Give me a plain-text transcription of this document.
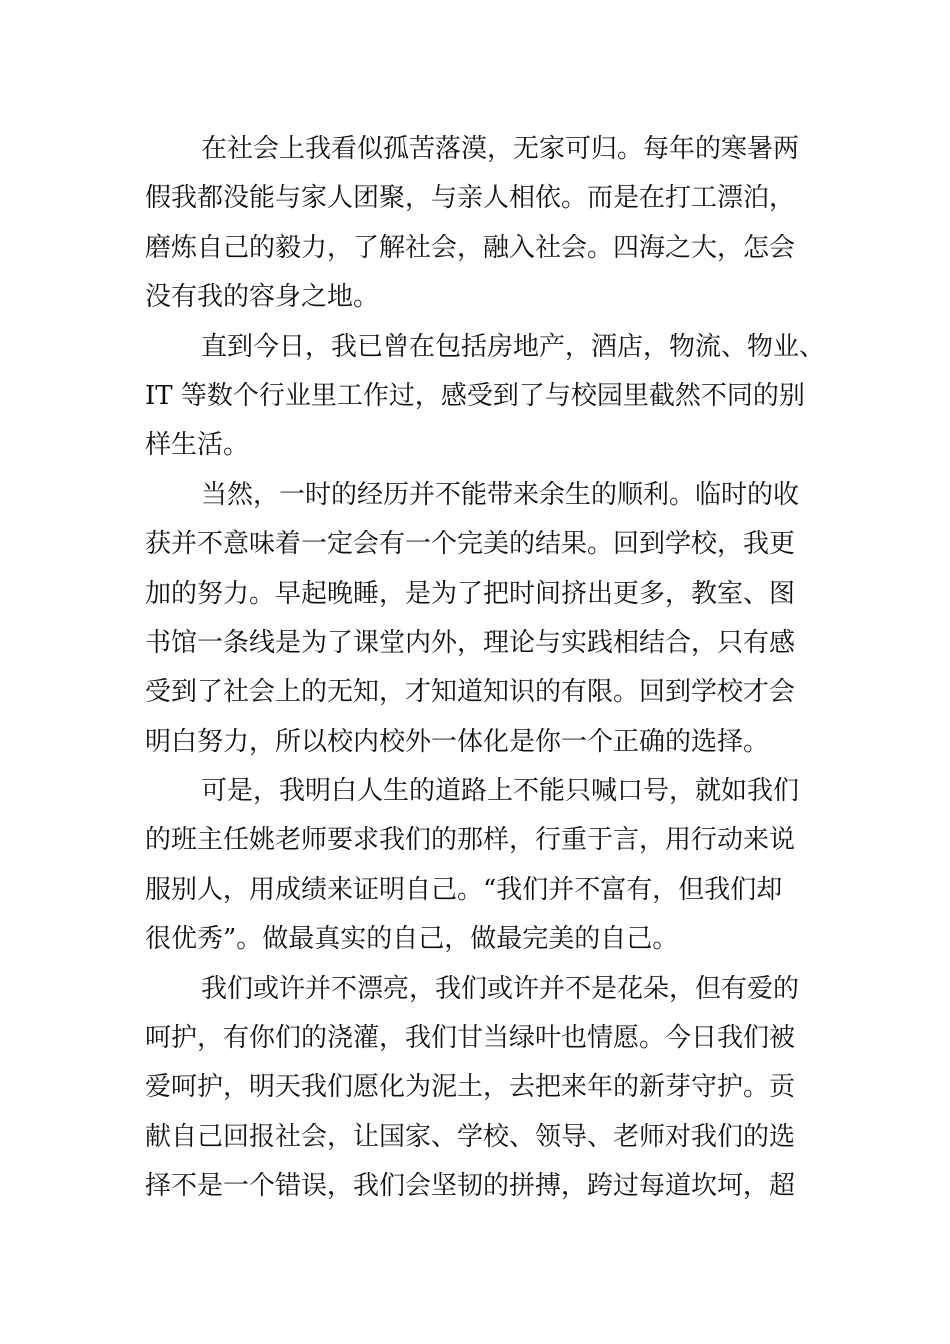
在社会上我看似孤苦落漠，无家可归。每年的寒暑两
假我都没能与家人团聚，与亲人相依。而是在打工漂泊，
磨炼自己的毅力，了解社会，融入社会。四海之大，怎会
没有我的容身之地。
直到今日，我已曾在包括房地产，酒店，物流、物业、
IT 等数个行业里工作过，感受到了与校园里截然不同的别
样生活。
当然，一时的经历并不能带来余生的顺利。临时的收
获并不意味着一定会有一个完美的结果。回到学校，我更
加的努力。早起晚睡，是为了把时间挤出更多，教室、图
书馆一条线是为了课堂内外，理论与实践相结合，只有感
受到了社会上的无知，才知道知识的有限。回到学校才会
明白努力，所以校内校外一体化是你一个正确的选择。
可是，我明白人生的道路上不能只喊口号，就如我们
的班主任姚老师要求我们的那样，行重于言，用行动来说
服别人，用成绩来证明自己。“我们并不富有，但我们却
很优秀”。做最真实的自己，做最完美的自己。
我们或许并不漂亮，我们或许并不是花朵，但有爱的
呵护，有你们的浇灌，我们甘当绿叶也情愿。今日我们被
爱呵护，明天我们愿化为泥土，去把来年的新芽守护。贡
献自己回报社会，让国家、学校、领导、老师对我们的选
择不是一个错误，我们会坚韧的拼搏，跨过每道坎坷，超
